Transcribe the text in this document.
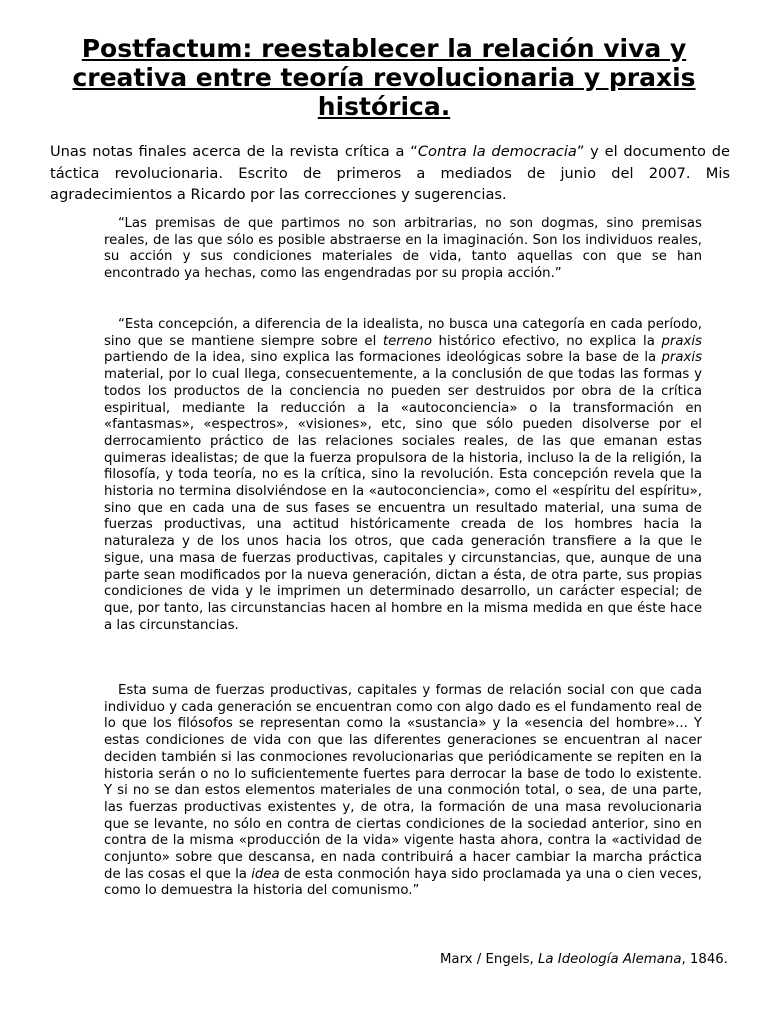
Postfactum: reestablecer la relación viva y creativa entre teoría revolucionaria y praxis histórica.

Unas notas finales acerca de la revista crítica a “Contra la democracia” y el documento de táctica revolucionaria. Escrito de primeros a mediados de junio del 2007. Mis agradecimientos a Ricardo por las correcciones y sugerencias.

“Las premisas de que partimos no son arbitrarias, no son dogmas, sino premisas reales, de las que sólo es posible abstraerse en la imaginación. Son los individuos reales, su acción y sus condiciones materiales de vida, tanto aquellas con que se han encontrado ya hechas, como las engendradas por su propia acción.”

“Esta concepción, a diferencia de la idealista, no busca una categoría en cada período, sino que se mantiene siempre sobre el terreno histórico efectivo, no explica la praxis partiendo de la idea, sino explica las formaciones ideológicas sobre la base de la praxis material, por lo cual llega, consecuentemente, a la conclusión de que todas las formas y todos los productos de la conciencia no pueden ser destruidos por obra de la crítica espiritual, mediante la reducción a la «autoconciencia» o la transformación en «fantasmas», «espectros», «visiones», etc, sino que sólo pueden disolverse por el derrocamiento práctico de las relaciones sociales reales, de las que emanan estas quimeras idealistas; de que la fuerza propulsora de la historia, incluso la de la religión, la filosofía, y toda teoría, no es la crítica, sino la revolución. Esta concepción revela que la historia no termina disolviéndose en la «autoconciencia», como el «espíritu del espíritu», sino que en cada una de sus fases se encuentra un resultado material, una suma de fuerzas productivas, una actitud históricamente creada de los hombres hacia la naturaleza y de los unos hacia los otros, que cada generación transfiere a la que le sigue, una masa de fuerzas productivas, capitales y circunstancias, que, aunque de una parte sean modificados por la nueva generación, dictan a ésta, de otra parte, sus propias condiciones de vida y le imprimen un determinado desarrollo, un carácter especial; de que, por tanto, las circunstancias hacen al hombre en la misma medida en que éste hace a las circunstancias.

Esta suma de fuerzas productivas, capitales y formas de relación social con que cada individuo y cada generación se encuentran como con algo dado es el fundamento real de lo que los filósofos se representan como la «sustancia» y la «esencia del hombre»... Y estas condiciones de vida con que las diferentes generaciones se encuentran al nacer deciden también si las conmociones revolucionarias que periódicamente se repiten en la historia serán o no lo suficientemente fuertes para derrocar la base de todo lo existente. Y si no se dan estos elementos materiales de una conmoción total, o sea, de una parte, las fuerzas productivas existentes y, de otra, la formación de una masa revolucionaria que se levante, no sólo en contra de ciertas condiciones de la sociedad anterior, sino en contra de la misma «producción de la vida» vigente hasta ahora, contra la «actividad de conjunto» sobre que descansa, en nada contribuirá a hacer cambiar la marcha práctica de las cosas el que la idea de esta conmoción haya sido proclamada ya una o cien veces, como lo demuestra la historia del comunismo.”

Marx / Engels, La Ideología Alemana, 1846.
